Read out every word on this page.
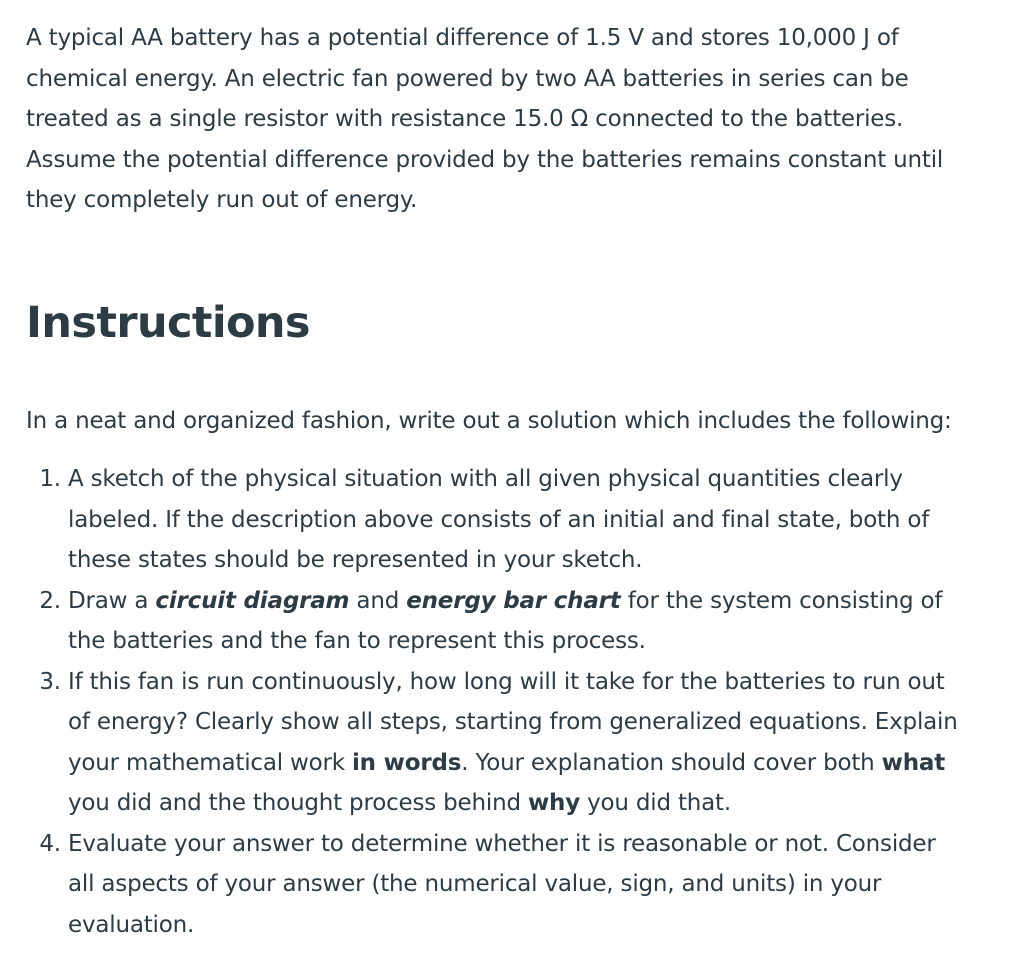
A typical AA battery has a potential difference of 1.5 V and stores 10,000 J of chemical energy. An electric fan powered by two AA batteries in series can be treated as a single resistor with resistance 15.0 Ω connected to the batteries. Assume the potential difference provided by the batteries remains constant until they completely run out of energy.

Instructions

In a neat and organized fashion, write out a solution which includes the following:

1. A sketch of the physical situation with all given physical quantities clearly labeled. If the description above consists of an initial and final state, both of these states should be represented in your sketch.
2. Draw a circuit diagram and energy bar chart for the system consisting of the batteries and the fan to represent this process.
3. If this fan is run continuously, how long will it take for the batteries to run out of energy? Clearly show all steps, starting from generalized equations. Explain your mathematical work in words. Your explanation should cover both what you did and the thought process behind why you did that.
4. Evaluate your answer to determine whether it is reasonable or not. Consider all aspects of your answer (the numerical value, sign, and units) in your evaluation.
